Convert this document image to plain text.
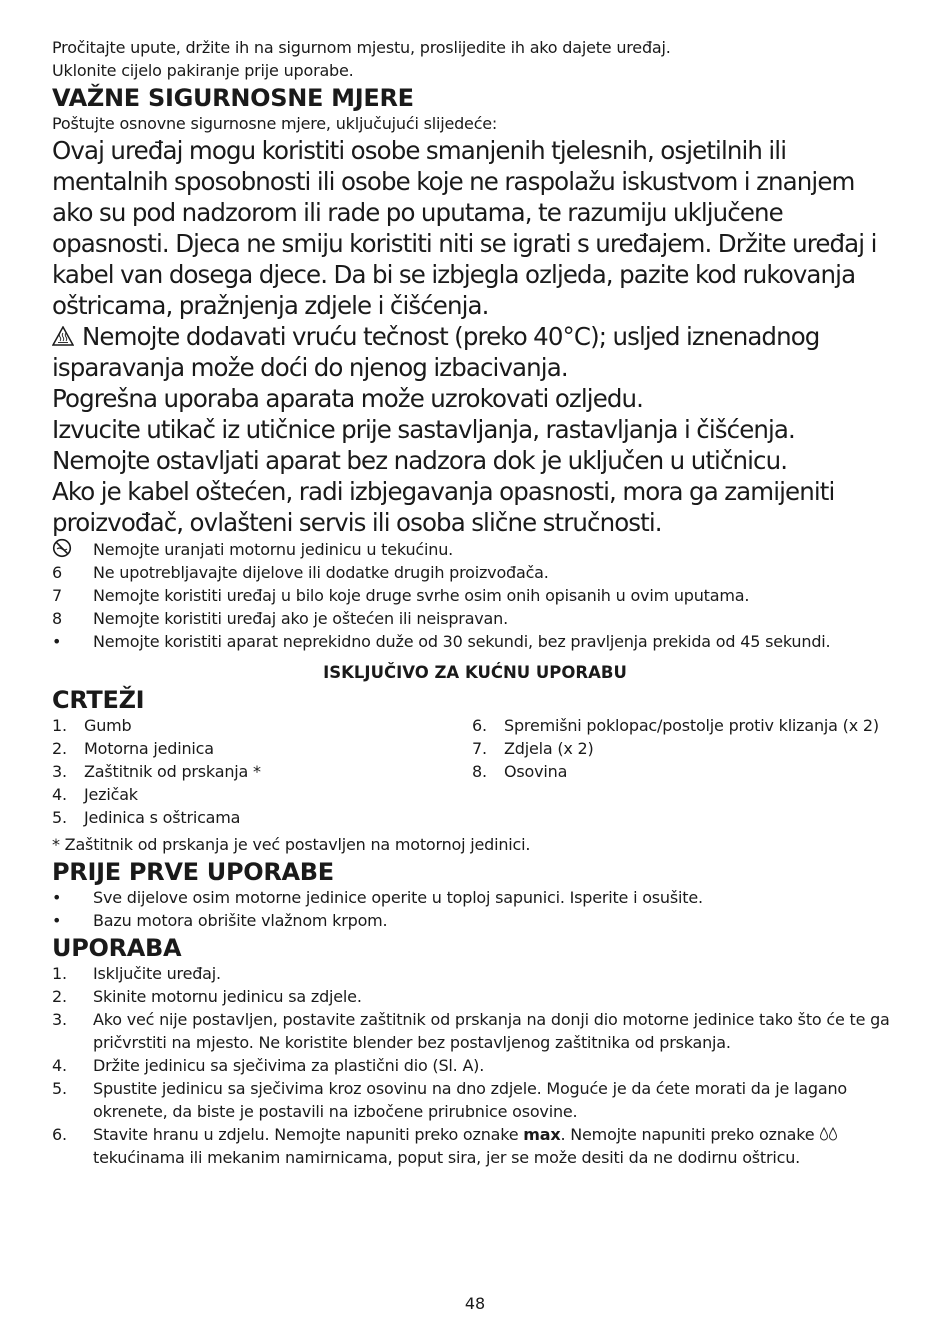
Pročitajte upute, držite ih na sigurnom mjestu, proslijedite ih ako dajete uređaj.
Uklonite cijelo pakiranje prije uporabe.
VAŽNE SIGURNOSNE MJERE
Poštujte osnovne sigurnosne mjere, uključujući slijedeće:

Ovaj uređaj mogu koristiti osobe smanjenih tjelesnih, osjetilnih ili mentalnih sposobnosti ili osobe koje ne raspolažu iskustvom i znanjem ako su pod nadzorom ili rade po uputama, te razumiju uključene opasnosti. Djeca ne smiju koristiti niti se igrati s uređajem. Držite uređaj i kabel van dosega djece. Da bi se izbjegla ozljeda, pazite kod rukovanja oštricama, pražnjenja zdjele i čišćenja.

Nemojte dodavati vruću tečnost (preko 40°C); usljed iznenadnog isparavanja može doći do njenog izbacivanja.

Pogrešna uporaba aparata može uzrokovati ozljedu.

Izvucite utikač iz utičnice prije sastavljanja, rastavljanja i čišćenja.

Nemojte ostavljati aparat bez nadzora dok je uključen u utičnicu.

Ako je kabel oštećen, radi izbjegavanja opasnosti, mora ga zamijeniti proizvođač, ovlašteni servis ili osoba slične stručnosti.

Nemojte uranjati motornu jedinicu u tekućinu.
6	Ne upotrebljavajte dijelove ili dodatke drugih proizvođača.
7	Nemojte koristiti uređaj u bilo koje druge svrhe osim onih opisanih u ovim uputama.
8	Nemojte koristiti uređaj ako je oštećen ili neispravan.
•	Nemojte koristiti aparat neprekidno duže od 30 sekundi, bez pravljenja prekida od 45 sekundi.
ISKLJUČIVO ZA KUĆNU UPORABU
CRTEŽI
1.	Gumb
2.	Motorna jedinica
3.	Zaštitnik od prskanja *
4.	Jezičak
5.	Jedinica s oštricama
6.	Spremišni poklopac/postolje protiv klizanja (x 2)
7.	Zdjela (x 2)
8.	Osovina
* Zaštitnik od prskanja je već postavljen na motornoj jedinici.
PRIJE PRVE UPORABE
•	Sve dijelove osim motorne jedinice operite u toploj sapunici. Isperite i osušite.
•	Bazu motora obrišite vlažnom krpom.
UPORABA
1.	Isključite uređaj.
2.	Skinite motornu jedinicu sa zdjele.
3.	Ako već nije postavljen, postavite zaštitnik od prskanja na donji dio motorne jedinice tako što će te ga pričvrstiti na mjesto. Ne koristite blender bez postavljenog zaštitnika od prskanja.
4.	Držite jedinicu sa sječivima za plastični dio (Sl. A).
5.	Spustite jedinicu sa sječivima kroz osovinu na dno zdjele. Moguće je da ćete morati da je lagano okrenete, da biste je postavili na izbočene prirubnice osovine.
6.	Stavite hranu u zdjelu. Nemojte napuniti preko oznake max. Nemojte napuniti preko oznake  tekućinama ili mekanim namirnicama, poput sira, jer se može desiti da ne dodirnu oštricu.
48
